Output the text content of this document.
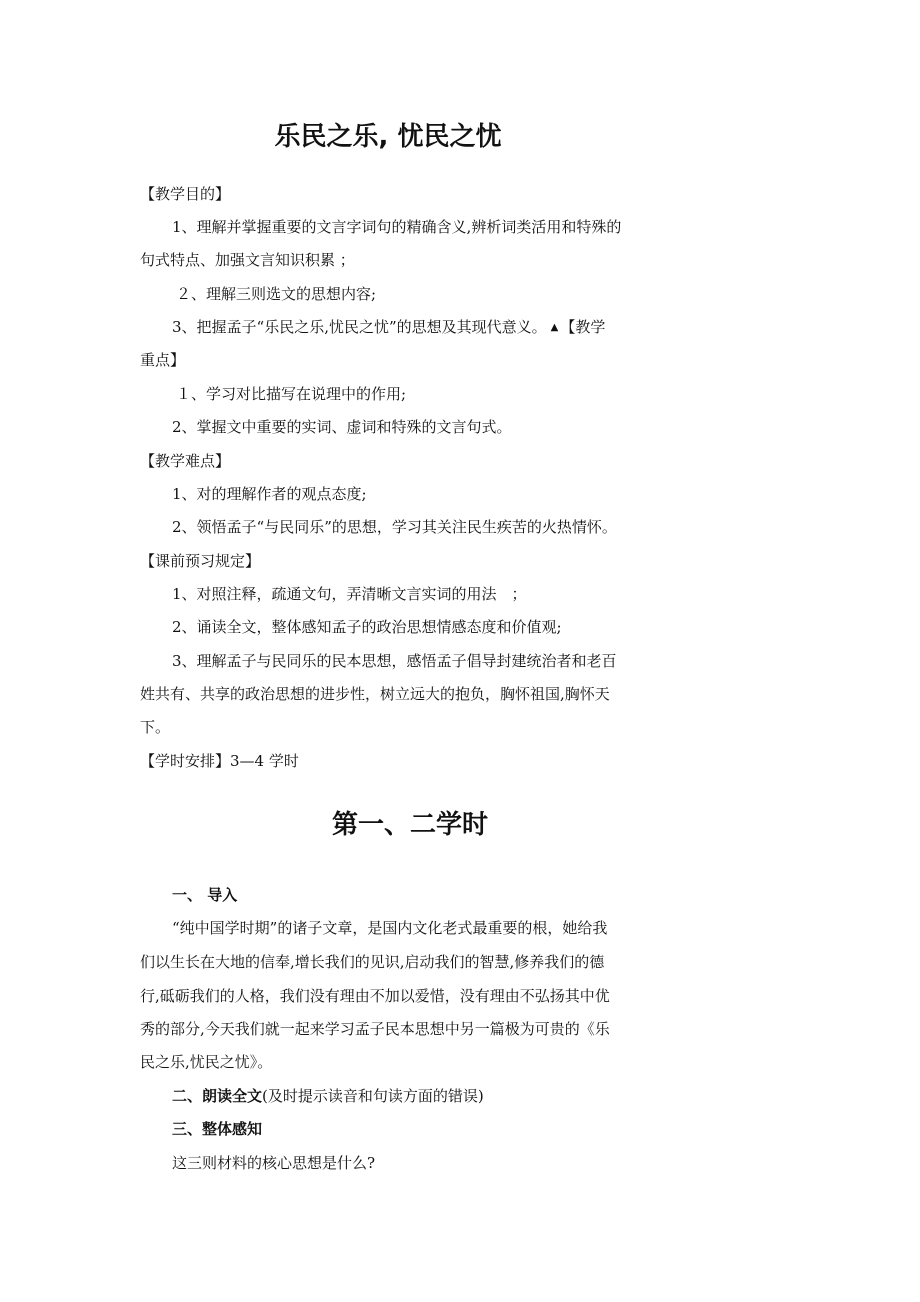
乐民之乐, 忧民之忧
【教学目的】
1、理解并掌握重要的文言字词句的精确含义,辨析词类活用和特殊的
句式特点、加强文言知识积累 ；
２、理解三则选文的思想内容;
3、把握孟子“乐民之乐,忧民之忧”的思想及其现代意义。 ▲ 【教学
重点】
１、学习对比描写在说理中的作用;
2、掌握文中重要的实词、虚词和特殊的文言句式。
【教学难点】
1、对的理解作者的观点态度;
2、领悟孟子“与民同乐”的思想，学习其关注民生疾苦的火热情怀。
【课前预习规定】
1、对照注释，疏通文句，弄清晰文言实词的用法　；
2、诵读全文，整体感知孟子的政治思想情感态度和价值观;
3、理解孟子与民同乐的民本思想，感悟孟子倡导封建统治者和老百
姓共有、共享的政治思想的进步性，树立远大的抱负，胸怀祖国,胸怀天
下。
【学时安排】3—4 学时
第一、二学时
一、 导入
“纯中国学时期”的诸子文章，是国内文化老式最重要的根，她给我
们以生长在大地的信奉,增长我们的见识,启动我们的智慧,修养我们的德
行,砥砺我们的人格，我们没有理由不加以爱惜，没有理由不弘扬其中优
秀的部分,今天我们就一起来学习孟子民本思想中另一篇极为可贵的《乐
民之乐,忧民之忧》。
二、朗读全文(及时提示读音和句读方面的错误)
三、整体感知
这三则材料的核心思想是什么?
